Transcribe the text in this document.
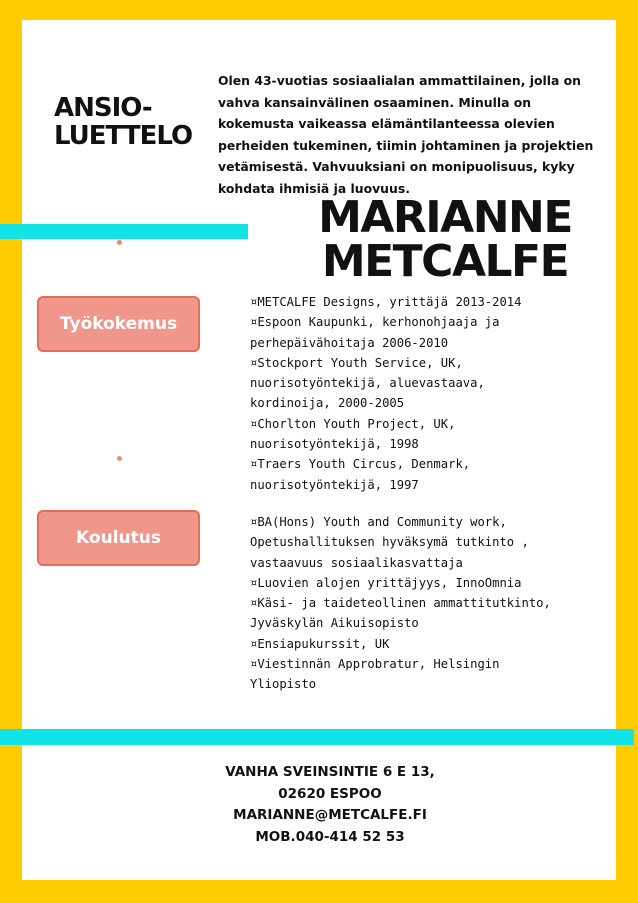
ANSIO-
LUETTELO

Olen 43-vuotias sosiaalialan ammattilainen, jolla on vahva kansainvälinen osaaminen. Minulla on kokemusta vaikeassa elämäntilanteessa olevien perheiden tukeminen, tiimin johtaminen ja projektien vetämisestä. Vahvuuksiani on monipuolisuus, kyky kohdata ihmisiä ja luovuus.

MARIANNE
METCALFE
Työkokemus
¤METCALFE Designs, yrittäjä 2013-2014
¤Espoon Kaupunki, kerhonohjaaja ja perhepäivähoitaja 2006-2010
¤Stockport Youth Service, UK, nuorisotyöntekijä, aluevastaava, kordinoija, 2000-2005
¤Chorlton Youth Project, UK, nuorisotyöntekijä, 1998
¤Traers Youth Circus, Denmark, nuorisotyöntekijä, 1997
Koulutus
¤BA(Hons) Youth and Community work, Opetushallituksen hyväksymä tutkinto , vastaavuus sosiaalikasvattaja
¤Luovien alojen yrittäjyys, InnoOmnia
¤Käsi- ja taideteollinen ammattitutkinto, Jyväskylän Aikuisopisto
¤Ensiapukurssit, UK
¤Viestinnän Approbratur, Helsingin Yliopisto
VANHA SVEINSINTIE 6 E 13,
02620 ESPOO
MARIANNE@METCALFE.FI
MOB.040-414 52 53
